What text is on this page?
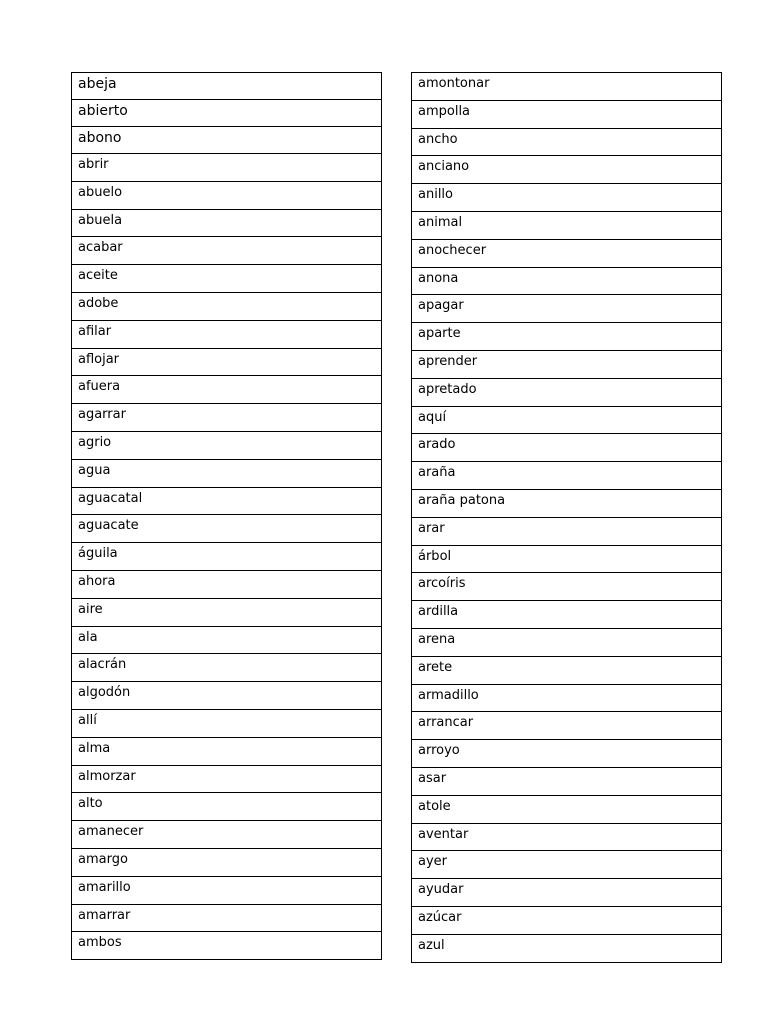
abeja
abierto
abono
abrir
abuelo
abuela
acabar
aceite
adobe
afilar
aflojar
afuera
agarrar
agrio
agua
aguacatal
aguacate
águila
ahora
aire
ala
alacrán
algodón
allí
alma
almorzar
alto
amanecer
amargo
amarillo
amarrar
ambos
amontonar
ampolla
ancho
anciano
anillo
animal
anochecer
anona
apagar
aparte
aprender
apretado
aquí
arado
araña
araña patona
arar
árbol
arcoíris
ardilla
arena
arete
armadillo
arrancar
arroyo
asar
atole
aventar
ayer
ayudar
azúcar
azul
